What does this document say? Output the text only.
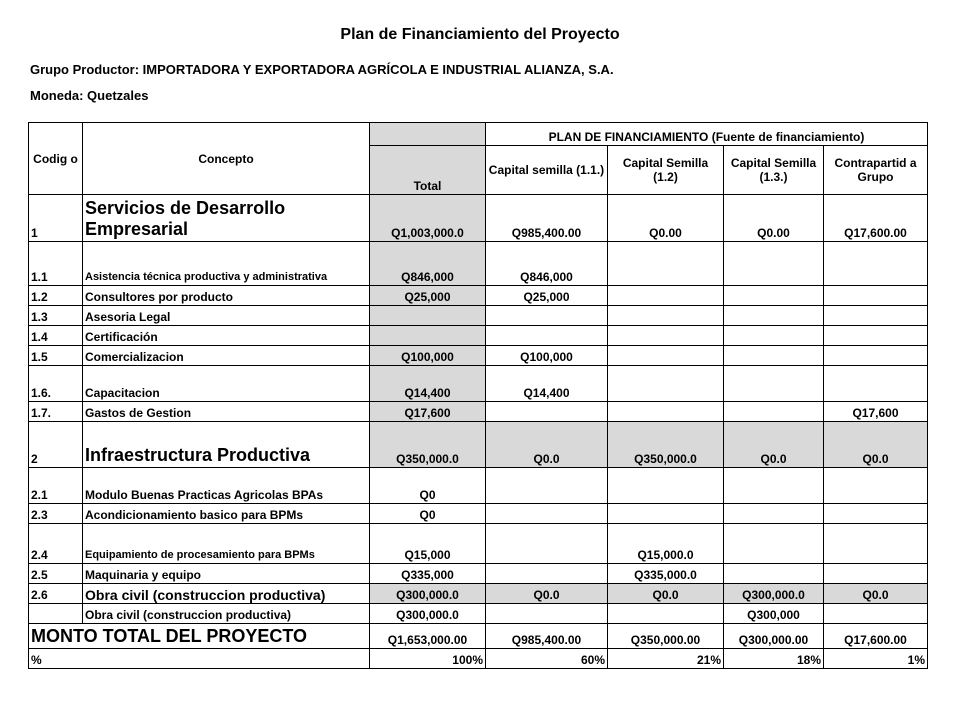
Plan de Financiamiento del Proyecto
Grupo Productor: IMPORTADORA Y EXPORTADORA AGRÍCOLA E INDUSTRIAL ALIANZA, S.A.
Moneda: Quetzales
Codig o	Concepto		PLAN DE FINANCIAMIENTO (Fuente de financiamiento)			
		Total	Capital semilla (1.1.)	Capital Semilla (1.2)	Capital Semilla (1.3.)	Contrapartid a Grupo
1	Servicios de Desarrollo Empresarial	Q1,003,000.0	Q985,400.00	Q0.00	Q0.00	Q17,600.00
1.1	Asistencia técnica productiva y administrativa	Q846,000	Q846,000			
1.2	Consultores por producto	Q25,000	Q25,000			
1.3	Asesoria Legal					
1.4	Certificación					
1.5	Comercializacion	Q100,000	Q100,000			
1.6.	Capacitacion	Q14,400	Q14,400			
1.7.	Gastos de Gestion	Q17,600				Q17,600
2	Infraestructura Productiva	Q350,000.0	Q0.0	Q350,000.0	Q0.0	Q0.0
2.1	Modulo Buenas Practicas Agricolas BPAs	Q0				
2.3	Acondicionamiento basico para BPMs	Q0				
2.4	Equipamiento de procesamiento para BPMs	Q15,000		Q15,000.0		
2.5	Maquinaria y equipo	Q335,000		Q335,000.0		
2.6	Obra civil (construccion productiva)	Q300,000.0	Q0.0	Q0.0	Q300,000.0	Q0.0
	Obra civil (construccion productiva)	Q300,000.0			Q300,000	
MONTO TOTAL DEL PROYECTO		Q1,653,000.00	Q985,400.00	Q350,000.00	Q300,000.00	Q17,600.00
%		100%	60%	21%	18%	1%
